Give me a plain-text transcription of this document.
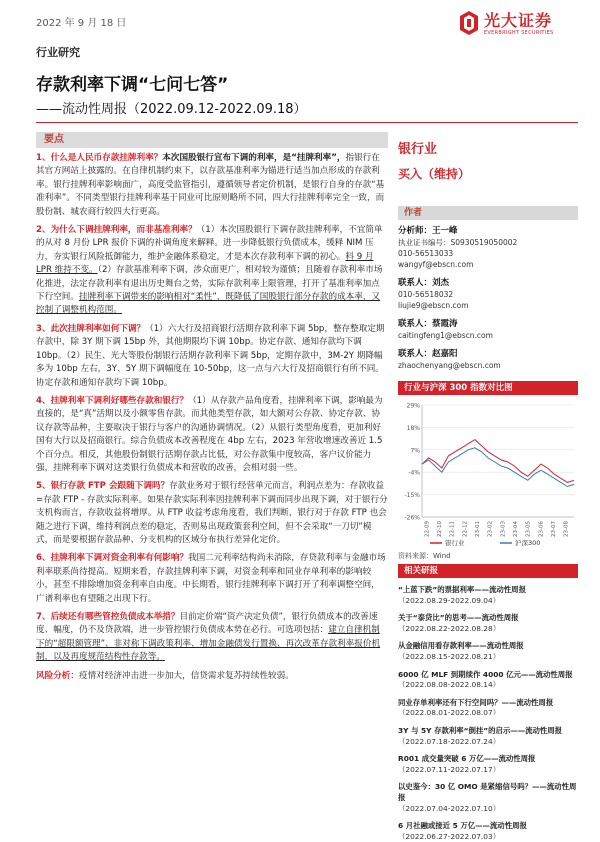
2022 年 9 月 18 日	光大证券
EVERBRIGHT SECURITIES
行业研究
存款利率下调“七问七答”
——流动性周报（2022.09.12-2022.09.18）
要点

1、什么是人民币存款挂牌利率？本次国股银行宣布下调的利率，是“挂牌利率”，指银行在其官方网站上披露的。在自律机制约束下，以存款基准利率为锚进行适当加点形成的存款利率。银行挂牌利率影响面广，高度受监管指引，遵循领导者定价机制，是银行自身的存款“基准利率”。不同类型银行挂牌利率基于同业可比原则略所不同，四大行挂牌利率完全一致，而股份制、城农商行较四大行更高。

2、为什么下调挂牌利率，而非基准利率？（1）本次国股银行下调存款挂牌利率，不宜简单的从对 8 月份 LPR 报价下调的补调角度来解释。进一步降低银行负债成本，缓释 NIM 压力，夯实银行风险抵御能力，维护金融体系稳定，才是本次存款利率下调的初心。料 9 月 LPR 维持不变。（2）存款基准利率下调，涉众面更广，相对较为谨慎；且随着存款利率市场化推进，法定存款利率有退出历史舞台之势，实际存款利率上限管理，打开了基准利率加点下行空间。挂牌利率下调带来的影响相对“柔性”，既降低了国股银行部分存款的成本率，又控制了调整机构范围。

3、此次挂牌利率如何下调？（1）六大行及招商银行活期存款利率下调 5bp，整存整取定期存款中，除 3Y 期下调 15bp 外，其他期限均下调 10bp。协定存款、通知存款均下调 10bp。（2）民生、光大等股份制银行活期存款利率下调 5bp，定期存款中，3M-2Y 期降幅多为 10bp 左右，3Y、5Y 期下调幅度在 10-50bp，这一点与六大行及招商银行有所不同。协定存款和通知存款均下调 10bp。

4、挂牌利率下调利好哪些存款和银行？（1）从存款产品角度看，挂牌利率下调，影响最为直接的，是“真”活期以及小额零售存款。而其他类型存款，如大额对公存款、协定存款、协议存款等品种，主要取决于银行与客户的沟通协调情况。（2）从银行类型角度看，更加利好国有大行以及招商银行。综合负债成本改善程度在 4bp 左右，2023 年营收增速改善近 1.5 个百分点。相反，其他股份制银行活期存款占比低，对公存款集中度较高，客户议价能力强，挂牌利率下调对这类银行负债成本和营收的改善，会相对弱一些。

5、银行存款 FTP 会跟随下调吗？存款业务对于银行经营单元而言，利润点差为：存款收益=存款 FTP - 存款实际利率。如果存款实际利率因挂牌利率下调而同步出现下调，对于银行分支机构而言，存款收益将增厚。从 FTP 收益考虑角度看，我们判断，银行对于存款 FTP 也会随之进行下调，维持利润点差的稳定，否则易出现政策套利空间，但不会采取“一刀切”模式，而是要根据存款品种、分支机构的区域分布执行差异化定价。

6、挂牌利率下调对资金利率有何影响？我国二元利率结构尚未消除，存贷款利率与金融市场利率联系尚待提高。短期来看，存款挂牌利率下调，对资金利率和同业存单利率的影响较小，甚至不排除增加资金利率自由度。中长期看，银行挂牌利率下调打开了利率调整空间，广谱利率也有望随之出现下行。

7、后续还有哪些管控负债成本举措？目前定价端“资产决定负债”，银行负债成本的改善速度、幅度，仍不及贷款端，进一步管控银行负债成本势在必行。可选项包括：建立自律机制下的“超限额管理”、非对称下调政策利率、增加金融债发行置换、再次改革存款利率报价机制，以及再度规范结构性存款等。

风险分析：疫情对经济冲击进一步加大，信贷需求复苏持续性较弱。

银行业
买入（维持）
作者
分析师：王一峰
执业证书编号：S0930519050002
010-56513033
wangyf@ebscn.com
联系人：刘杰
010-56518032
liujie9@ebscn.com
联系人：蔡霞涛
caitingfeng1@ebscn.com
联系人：赵嘉阳
zhaochenyang@ebscn.com
行业与沪深 300 指数对比图
29%
18%
7%
-4%
-15%
-26%
22-09 22-10 22-11 22-12 23-01 23-02 23-03 23-04 23-05 23-06 23-07 23-08
银行业	沪深300
资料来源：Wind
相关研报
“上蓝下跌”的票据利率——流动性周报
（2022.08.29-2022.09.04）
关于“泰贷比”的思考——流动性周报
（2022.08.22-2022.08.28）
从金融信用看存款利率——流动性周报
（2022.08.15-2022.08.21）
6000 亿 MLF 到期续作 4000 亿元——流动性周报
（2022.08.08-2022.08.14）
同业存单利率还有下行空间吗？——流动性周报
（2022.08.01-2022.08.07）
3Y 与 5Y 存款利率“倒挂”的启示——流动性周报
（2022.07.18-2022.07.24）
R001 成交量突破 6 万亿——流动性周报
（2022.07.11-2022.07.17）
以史鉴今：30 亿 OMO 是紧缩信号吗？——流动性周报
（2022.07.04-2022.07.10）
6 月社融或接近 5 万亿——流动性周报
（2022.06.27-2022.07.03）
